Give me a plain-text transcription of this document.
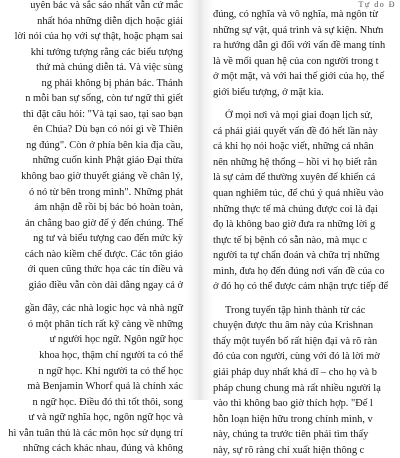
uyên bác và sắc sảo nhất vẫn cứ mắc
nhất hóa những diễn dịch hoặc giải
lời nói của họ với sự thật, hoặc phạm sai
khi tưởng tượng rằng các biểu tượng
thứ mà chúng diễn tả. Và việc sùng
ng phải không bị phản bác. Thánh
n mỗi ban sự sống, còn tư ngữ thì giết
thì đặt câu hỏi: "Và tại sao, tại sao bạn
ên Chúa? Dù bạn có nói gì về Thiên
ng đúng". Còn ở phía bên kia địa cầu,
những cuốn kinh Phật giáo Đại thừa
không bao giờ thuyết giảng về chân lý,
ó nó từ bên trong mình". Những phát
ảm nhận dễ rồi bị bác bỏ hoàn toàn,
ản chẳng bao giờ để ý đến chúng. Thế
ng tư và biểu tượng cao đến mức kỳ
cách nào kiềm chế được. Các tôn giáo
ới quen cũng thức họa các tín điều và
giáo điều vẫn còn dài dằng ngay cả ở
gần đây, các nhà logic học và nhà ngữ
ó một phân tích rất kỹ càng về những
ư người học ngữ. Ngôn ngữ học
khoa học, thậm chí người ta có thể
n ngữ học. Khi người ta có thể học
mà Benjamin Whorf quả là chính xác
n ngữ học. Điều đó thì tốt thôi, song
ư và ngữ nghĩa học, ngôn ngữ học và
hì vẫn tuân thủ là các môn học sử dụng trí
những cách khác nhau, đúng và không
Tự do Đ
đúng, có nghĩa và vô nghĩa, mà ngôn từ
những sự vật, quá trình và sự kiện. Nhưn
ra hướng dẫn gì đối với vấn đề mang tính
là về mối quan hệ của con người trong t
ở một mặt, và với hai thế giới của họ, thế
giới biểu tượng, ở mặt kia.
Ở mọi nơi và mọi giai đoạn lịch sử,
cá phải giải quyết vấn đề đó hết lần này
cả khi họ nói hoặc viết, những cá nhân
nên những hệ thống – hồi vì họ biết rằn
là sự cảm để thường xuyên để khiến cá
quan nghiêm túc, để chú ý quá nhiều vào
những thực tế mà chúng được coi là đại
đọ là không bao giờ đưa ra những lời g
thực tế bị bệnh có sẵn nào, mà mục c
người ta tự chẩn đoán và chữa trị những
mình, đưa họ đến đúng nơi vấn đề của co
ở đó họ có thể được cảm nhận trực tiếp để
Trong tuyển tập hình thành từ các
chuyện được thu âm này của Krishnan
thấy một tuyển bố rất hiện đại và rõ ràn
đó của con người, cùng với đó là lời mờ
giải pháp duy nhất khả dĩ – cho họ và b
pháp chung chung mà rất nhiều người lạ
vào thì không bao giờ thích hợp. "Để l
hỗn loạn hiện hữu trong chính mình, v
này, chúng ta trước tiên phải tìm thấy
này, sự rõ ràng chỉ xuất hiện thông c
